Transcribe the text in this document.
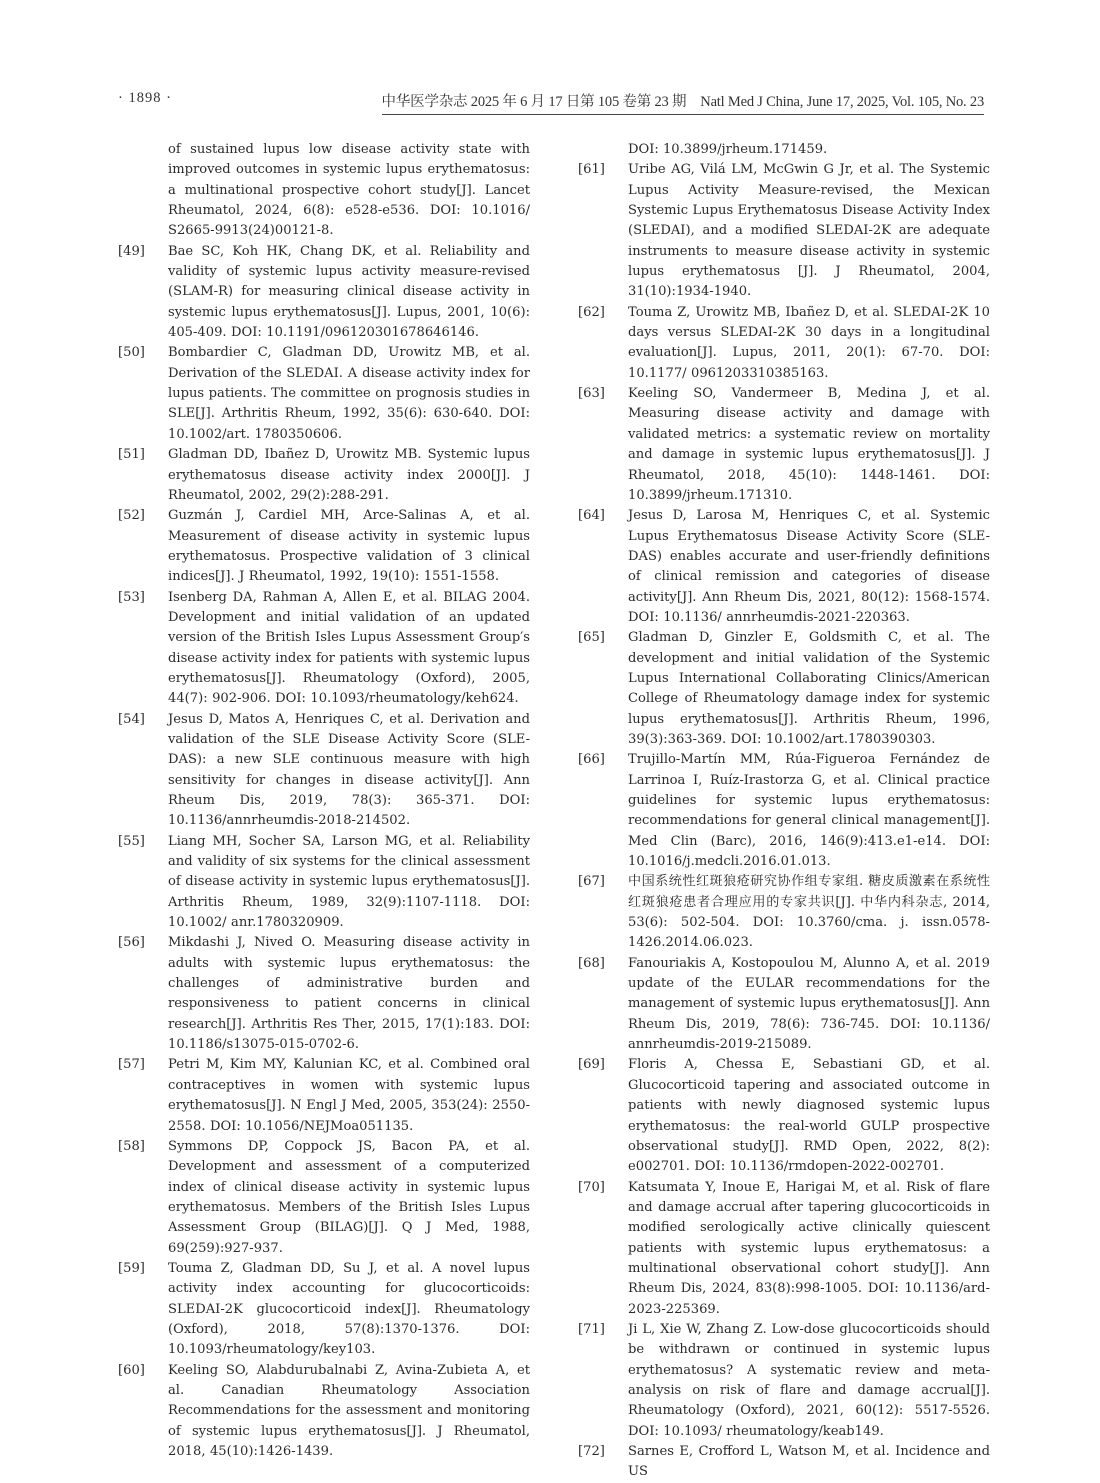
· 1898 ·	中华医学杂志 2025 年 6 月 17 日第 105 卷第 23 期 Natl Med J China, June 17, 2025, Vol. 105, No. 23
of sustained lupus low disease activity state with improved outcomes in systemic lupus erythematosus: a multinational prospective cohort study[J]. Lancet Rheumatol, 2024, 6(8): e528-e536. DOI: 10.1016/ S2665-9913(24)00121-8.
[49]	Bae SC, Koh HK, Chang DK, et al. Reliability and validity of systemic lupus activity measure-revised (SLAM-R) for measuring clinical disease activity in systemic lupus erythematosus[J]. Lupus, 2001, 10(6): 405-409. DOI: 10.1191/096120301678646146.
[50]	Bombardier C, Gladman DD, Urowitz MB, et al. Derivation of the SLEDAI. A disease activity index for lupus patients. The committee on prognosis studies in SLE[J]. Arthritis Rheum, 1992, 35(6): 630-640. DOI: 10.1002/art. 1780350606.
[51]	Gladman DD, Ibañez D, Urowitz MB. Systemic lupus erythematosus disease activity index 2000[J]. J Rheumatol, 2002, 29(2):288-291.
[52]	Guzmán J, Cardiel MH, Arce-Salinas A, et al. Measurement of disease activity in systemic lupus erythematosus. Prospective validation of 3 clinical indices[J]. J Rheumatol, 1992, 19(10): 1551-1558.
[53]	Isenberg DA, Rahman A, Allen E, et al. BILAG 2004. Development and initial validation of an updated version of the British Isles Lupus Assessment Group′s disease activity index for patients with systemic lupus erythematosus[J]. Rheumatology (Oxford), 2005, 44(7): 902-906. DOI: 10.1093/rheumatology/keh624.
[54]	Jesus D, Matos A, Henriques C, et al. Derivation and validation of the SLE Disease Activity Score (SLE-DAS): a new SLE continuous measure with high sensitivity for changes in disease activity[J]. Ann Rheum Dis, 2019, 78(3): 365-371. DOI: 10.1136/annrheumdis-2018-214502.
[55]	Liang MH, Socher SA, Larson MG, et al. Reliability and validity of six systems for the clinical assessment of disease activity in systemic lupus erythematosus[J]. Arthritis Rheum, 1989, 32(9):1107-1118. DOI: 10.1002/ anr.1780320909.
[56]	Mikdashi J, Nived O. Measuring disease activity in adults with systemic lupus erythematosus: the challenges of administrative burden and responsiveness to patient concerns in clinical research[J]. Arthritis Res Ther, 2015, 17(1):183. DOI: 10.1186/s13075-015-0702-6.
[57]	Petri M, Kim MY, Kalunian KC, et al. Combined oral contraceptives in women with systemic lupus erythematosus[J]. N Engl J Med, 2005, 353(24): 2550-2558. DOI: 10.1056/NEJMoa051135.
[58]	Symmons DP, Coppock JS, Bacon PA, et al. Development and assessment of a computerized index of clinical disease activity in systemic lupus erythematosus. Members of the British Isles Lupus Assessment Group (BILAG)[J]. Q J Med, 1988, 69(259):927-937.
[59]	Touma Z, Gladman DD, Su J, et al. A novel lupus activity index accounting for glucocorticoids: SLEDAI-2K glucocorticoid index[J]. Rheumatology (Oxford), 2018, 57(8):1370-1376. DOI: 10.1093/rheumatology/key103.
[60]	Keeling SO, Alabdurubalnabi Z, Avina-Zubieta A, et al. Canadian Rheumatology Association Recommendations for the assessment and monitoring of systemic lupus erythematosus[J]. J Rheumatol, 2018, 45(10):1426-1439.
DOI: 10.3899/jrheum.171459.
[61]	Uribe AG, Vilá LM, McGwin G Jr, et al. The Systemic Lupus Activity Measure-revised, the Mexican Systemic Lupus Erythematosus Disease Activity Index (SLEDAI), and a modified SLEDAI-2K are adequate instruments to measure disease activity in systemic lupus erythematosus [J]. J Rheumatol, 2004, 31(10):1934-1940.
[62]	Touma Z, Urowitz MB, Ibañez D, et al. SLEDAI-2K 10 days versus SLEDAI-2K 30 days in a longitudinal evaluation[J]. Lupus, 2011, 20(1): 67-70. DOI: 10.1177/ 0961203310385163.
[63]	Keeling SO, Vandermeer B, Medina J, et al. Measuring disease activity and damage with validated metrics: a systematic review on mortality and damage in systemic lupus erythematosus[J]. J Rheumatol, 2018, 45(10): 1448-1461. DOI: 10.3899/jrheum.171310.
[64]	Jesus D, Larosa M, Henriques C, et al. Systemic Lupus Erythematosus Disease Activity Score (SLE-DAS) enables accurate and user-friendly definitions of clinical remission and categories of disease activity[J]. Ann Rheum Dis, 2021, 80(12): 1568-1574. DOI: 10.1136/ annrheumdis-2021-220363.
[65]	Gladman D, Ginzler E, Goldsmith C, et al. The development and initial validation of the Systemic Lupus International Collaborating Clinics/American College of Rheumatology damage index for systemic lupus erythematosus[J]. Arthritis Rheum, 1996, 39(3):363-369. DOI: 10.1002/art.1780390303.
[66]	Trujillo-Martín MM, Rúa-Figueroa Fernández de Larrinoa I, Ruíz-Irastorza G, et al. Clinical practice guidelines for systemic lupus erythematosus: recommendations for general clinical management[J]. Med Clin (Barc), 2016, 146(9):413.e1-e14. DOI: 10.1016/j.medcli.2016.01.013.
[67]	中国系统性红斑狼疮研究协作组专家组. 糖皮质激素在系统性红斑狼疮患者合理应用的专家共识[J]. 中华内科杂志, 2014, 53(6): 502-504. DOI: 10.3760/cma. j. issn.0578-1426.2014.06.023.
[68]	Fanouriakis A, Kostopoulou M, Alunno A, et al. 2019 update of the EULAR recommendations for the management of systemic lupus erythematosus[J]. Ann Rheum Dis, 2019, 78(6): 736-745. DOI: 10.1136/ annrheumdis-2019-215089.
[69]	Floris A, Chessa E, Sebastiani GD, et al. Glucocorticoid tapering and associated outcome in patients with newly diagnosed systemic lupus erythematosus: the real-world GULP prospective observational study[J]. RMD Open, 2022, 8(2): e002701. DOI: 10.1136/rmdopen-2022-002701.
[70]	Katsumata Y, Inoue E, Harigai M, et al. Risk of flare and damage accrual after tapering glucocorticoids in modified serologically active clinically quiescent patients with systemic lupus erythematosus: a multinational observational cohort study[J]. Ann Rheum Dis, 2024, 83(8):998-1005. DOI: 10.1136/ard-2023-225369.
[71]	Ji L, Xie W, Zhang Z. Low-dose glucocorticoids should be withdrawn or continued in systemic lupus erythematosus? A systematic review and meta-analysis on risk of flare and damage accrual[J]. Rheumatology (Oxford), 2021, 60(12): 5517-5526. DOI: 10.1093/ rheumatology/keab149.
[72]	Sarnes E, Crofford L, Watson M, et al. Incidence and US
